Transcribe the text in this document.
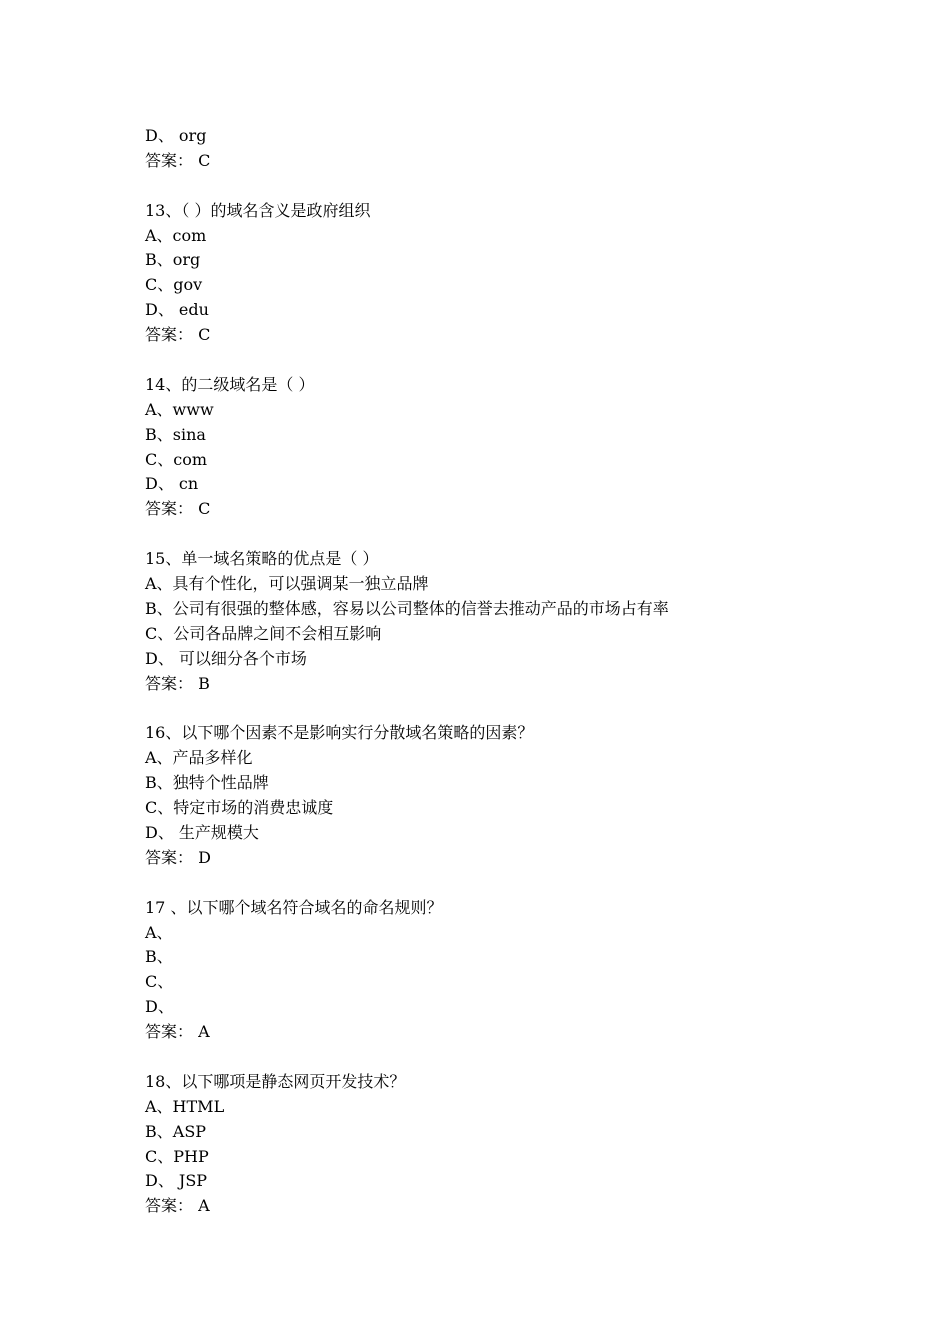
D、 org
答案： C
13、（ ）的域名含义是政府组织
A、com
B、org
C、gov
D、 edu
答案： C
14、的二级域名是（ ）
A、www
B、sina
C、com
D、 cn
答案： C
15、单一域名策略的优点是（ ）
A、具有个性化，可以强调某一独立品牌
B、公司有很强的整体感，容易以公司整体的信誉去推动产品的市场占有率
C、公司各品牌之间不会相互影响
D、 可以细分各个市场
答案： B
16、以下哪个因素不是影响实行分散域名策略的因素？
A、产品多样化
B、独特个性品牌
C、特定市场的消费忠诚度
D、 生产规模大
答案： D
17 、以下哪个域名符合域名的命名规则？
A、
B、
C、
D、
答案： A
18、以下哪项是静态网页开发技术？
A、HTML
B、ASP
C、PHP
D、 JSP
答案： A
